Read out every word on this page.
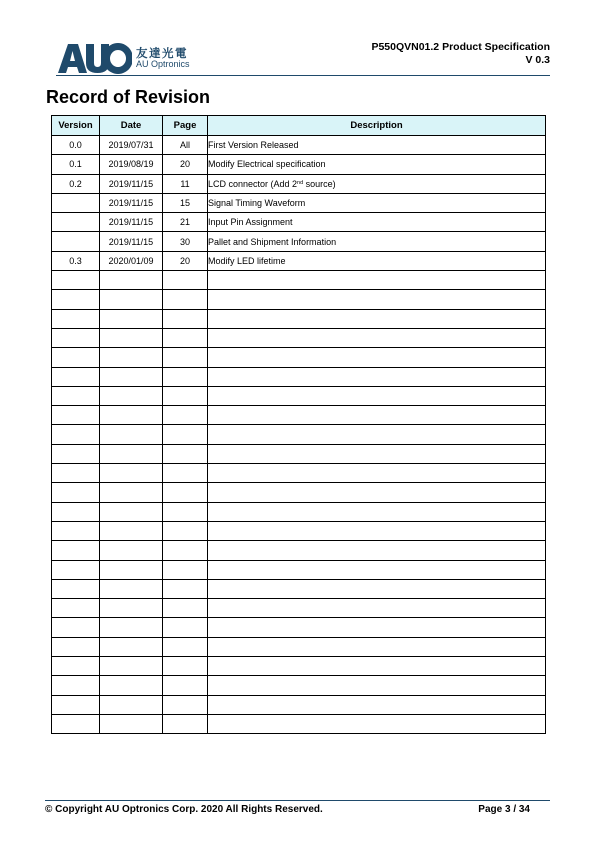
友達光電
AU Optronics
P550QVN01.2 Product Specification
V 0.3
Record of Revision
Version	Date	Page	Description
0.0	2019/07/31	All	First Version Released
0.1	2019/08/19	20	Modify Electrical specification
0.2	2019/11/15	11	LCD connector (Add 2nd source)
	2019/11/15	15	Signal Timing Waveform
	2019/11/15	21	Input Pin Assignment
	2019/11/15	30	Pallet and Shipment Information
0.3	2020/01/09	20	Modify LED lifetime

© Copyright AU Optronics Corp. 2020 All Rights Reserved.	Page 3 / 34
